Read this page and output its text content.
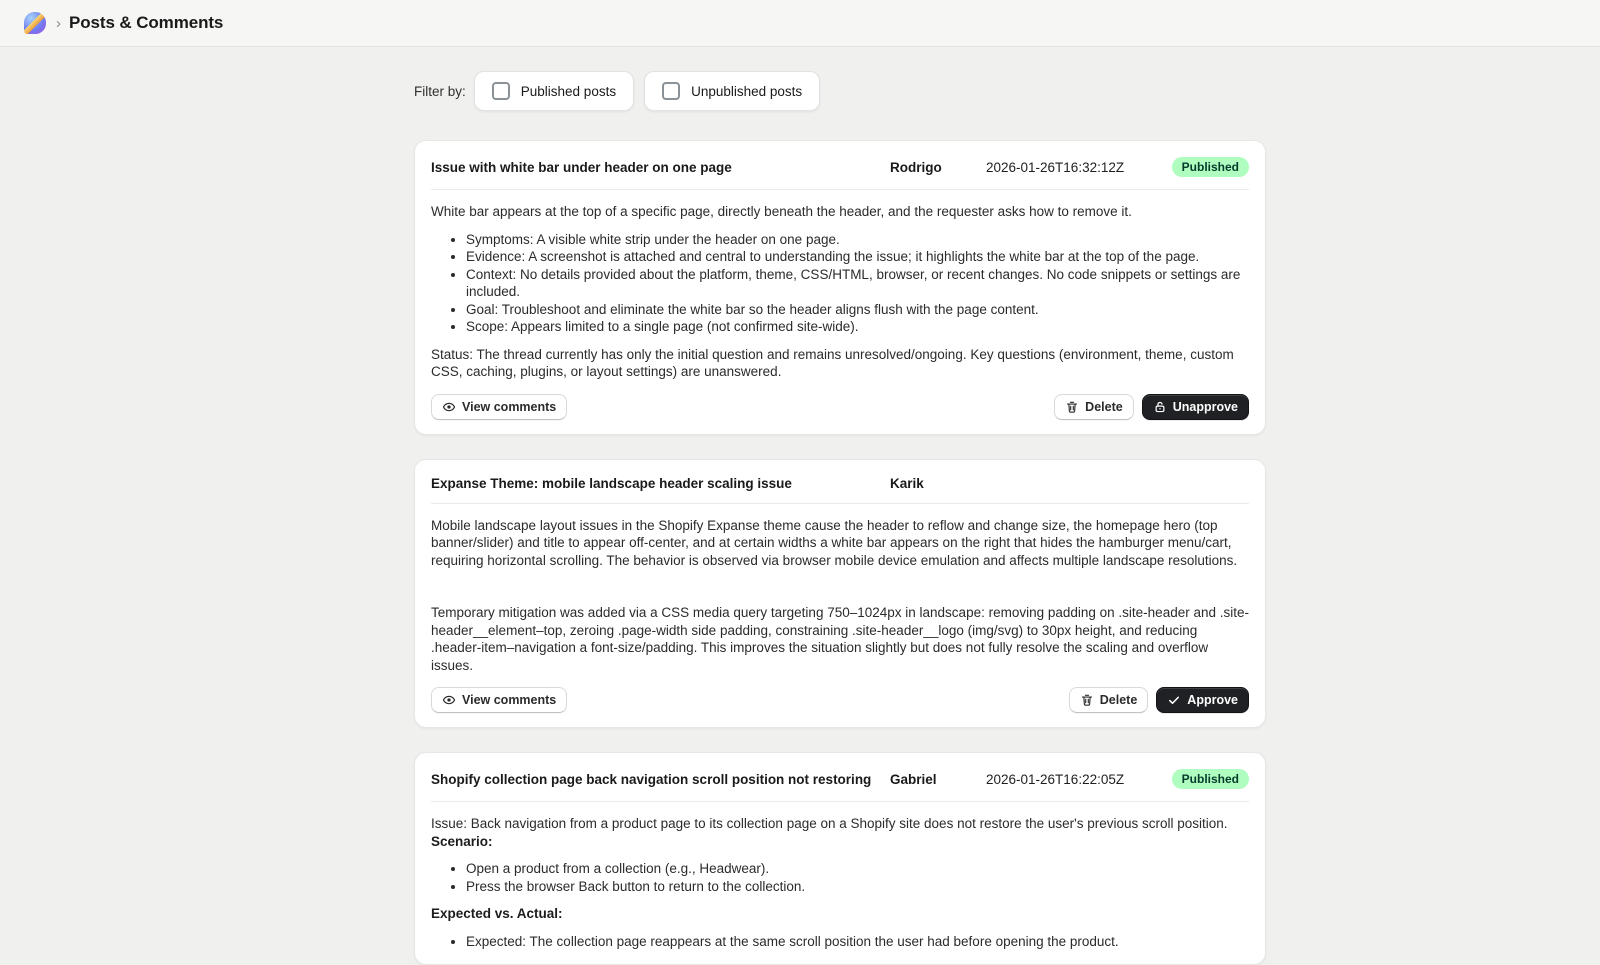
› Posts & Comments
Filter by:	Published posts	Unpublished posts
Issue with white bar under header on one page	Rodrigo	2026-01-26T16:32:12Z	Published

White bar appears at the top of a specific page, directly beneath the header, and the requester asks how to remove it.

• Symptoms: A visible white strip under the header on one page.
• Evidence: A screenshot is attached and central to understanding the issue; it highlights the white bar at the top of the page.
• Context: No details provided about the platform, theme, CSS/HTML, browser, or recent changes. No code snippets or settings are included.
• Goal: Troubleshoot and eliminate the white bar so the header aligns flush with the page content.
• Scope: Appears limited to a single page (not confirmed site-wide).

Status: The thread currently has only the initial question and remains unresolved/ongoing. Key questions (environment, theme, custom CSS, caching, plugins, or layout settings) are unanswered.

View comments	Delete	Unapprove
Expanse Theme: mobile landscape header scaling issue	Karik

Mobile landscape layout issues in the Shopify Expanse theme cause the header to reflow and change size, the homepage hero (top banner/slider) and title to appear off-center, and at certain widths a white bar appears on the right that hides the hamburger menu/cart, requiring horizontal scrolling. The behavior is observed via browser mobile device emulation and affects multiple landscape resolutions.

Temporary mitigation was added via a CSS media query targeting 750–1024px in landscape: removing padding on .site-header and .site-header__element–top, zeroing .page-width side padding, constraining .site-header__logo (img/svg) to 30px height, and reducing .header-item–navigation a font-size/padding. This improves the situation slightly but does not fully resolve the scaling and overflow issues.

View comments	Delete	Approve
Shopify collection page back navigation scroll position not restoring	Gabriel	2026-01-26T16:22:05Z	Published

Issue: Back navigation from a product page to its collection page on a Shopify site does not restore the user's previous scroll position.

Scenario:

• Open a product from a collection (e.g., Headwear).
• Press the browser Back button to return to the collection.

Expected vs. Actual:

• Expected: The collection page reappears at the same scroll position the user had before opening the product.
